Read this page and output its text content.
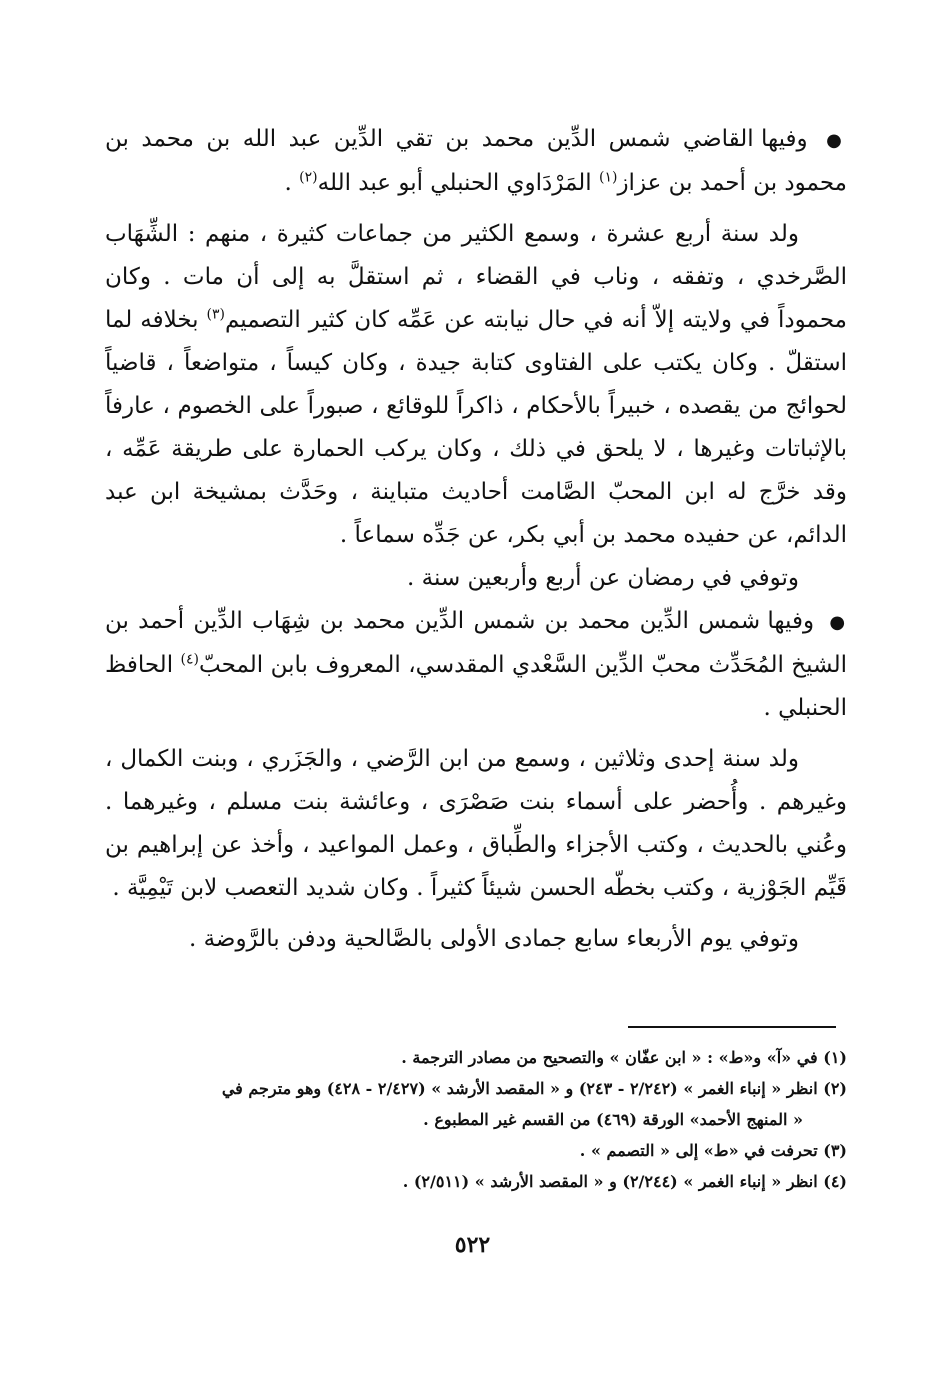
● وفيها القاضي شمس الدِّين محمد بن تقي الدِّين عبد الله بن محمد بن محمود بن أحمد بن عزاز$^{(١)}$ المَرْدَاوي الحنبلي أبو عبد الله$^{(٢)}$ .

ولد سنة أربع عشرة ، وسمع الكثير من جماعات كثيرة ، منهم : الشِّهَاب الصَّرخدي ، وتفقه ، وناب في القضاء ، ثم استقلَّ به إلى أن مات . وكان محموداً في ولايته إلاّ أنه في حال نيابته عن عَمِّه كان كثير التصميم$^{(٣)}$ بخلافه لما استقلّ . وكان يكتب على الفتاوى كتابة جيدة ، وكان كيساً ، متواضعاً ، قاضياً لحوائج من يقصده ، خبيراً بالأحكام ، ذاكراً للوقائع ، صبوراً على الخصوم ، عارفاً بالإثباتات وغيرها ، لا يلحق في ذلك ، وكان يركب الحمارة على طريقة عَمِّه ، وقد خرَّج له ابن المحبّ الصَّامت أحاديث متباينة ، وحَدَّث بمشيخة ابن عبد الدائم، عن حفيده محمد بن أبي بكر، عن جَدِّه سماعاً .

وتوفي في رمضان عن أربع وأربعين سنة .

● وفيها شمس الدِّين محمد بن شمس الدِّين محمد بن شِهَاب الدِّين أحمد بن الشيخ المُحَدِّث محبّ الدِّين السَّعْدي المقدسي، المعروف بابن المحبّ$^{(٤)}$ الحافظ الحنبلي .

ولد سنة إحدى وثلاثين ، وسمع من ابن الرَّضي ، والجَزَري ، وبنت الكمال ، وغيرهم . وأُحضر على أسماء بنت صَصْرَى ، وعائشة بنت مسلم ، وغيرهما . وعُني بالحديث ، وكتب الأجزاء والطِّباق ، وعمل المواعيد ، وأخذ عن إبراهيم بن قَيِّم الجَوْزية ، وكتب بخطّه الحسن شيئاً كثيراً . وكان شديد التعصب لابن تَيْمِيَّة .

وتوفي يوم الأربعاء سابع جمادى الأولى بالصَّالحية ودفن بالرَّوضة .

(١) في «آ» و«ط» : « ابن عفّان » والتصحيح من مصادر الترجمة .

(٢) انظر « إنباء الغمر » (٢/٢٤٢ - ٢٤٣) و « المقصد الأرشد » (٢/٤٢٧ - ٤٢٨) وهو مترجم في

« المنهج الأحمد» الورقة (٤٦٩) من القسم غير المطبوع .

(٣) تحرفت في «ط» إلى « التصمم » .

(٤) انظر « إنباء الغمر » (٢/٢٤٤) و « المقصد الأرشد » (٢/٥١١) .

٥٢٢
